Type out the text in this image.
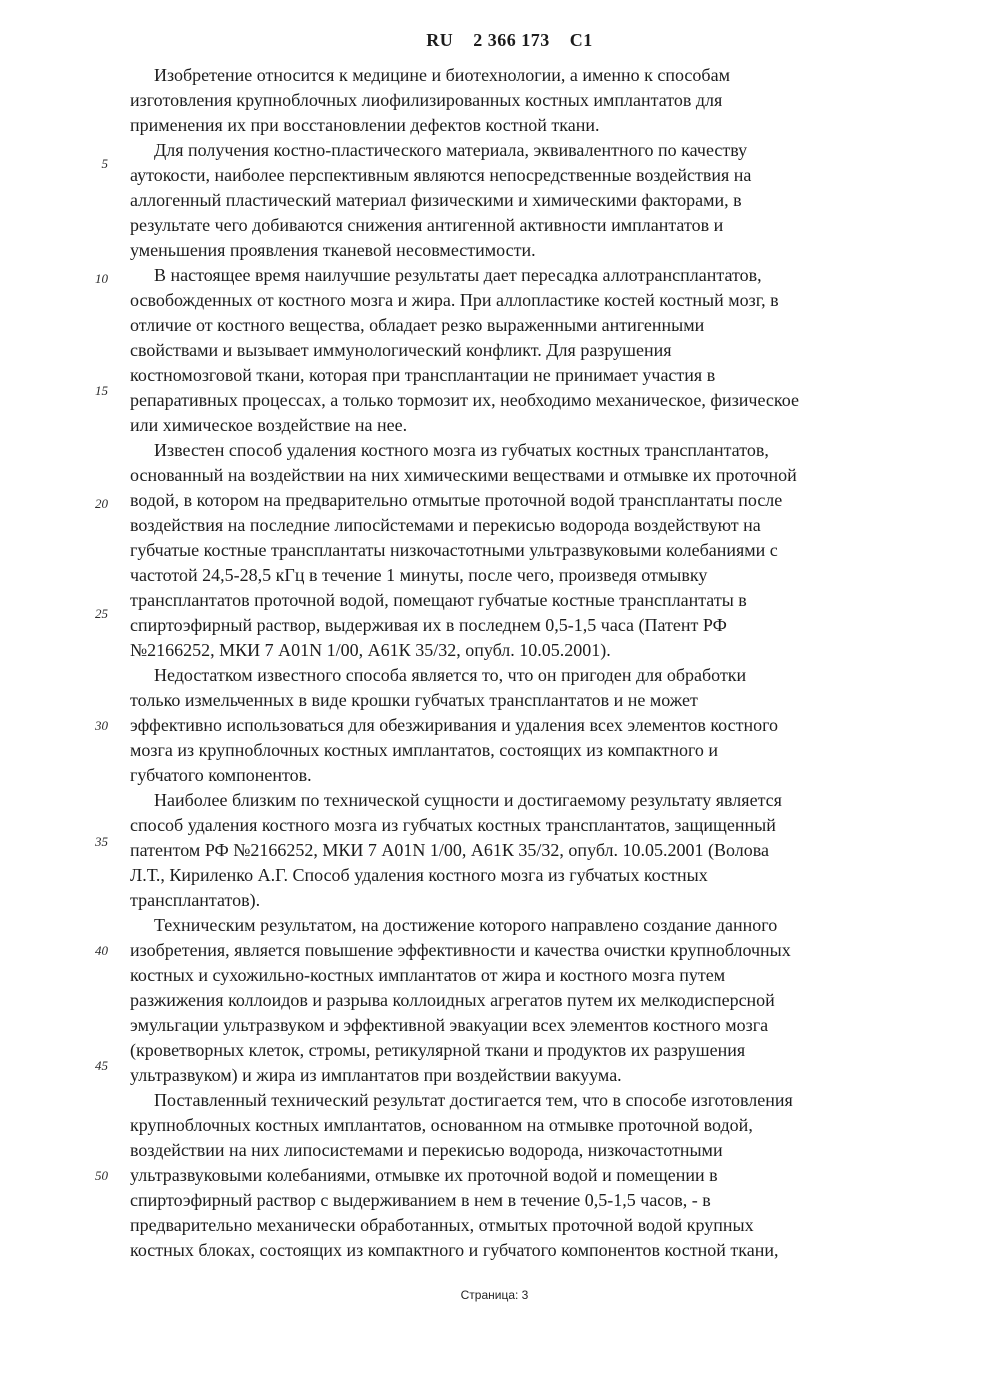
RU 2 366 173 C1
5
10
15
20
25
30
35
40
45
50
Изобретение относится к медицине и биотехнологии, а именно к способам
изготовления крупноблочных лиофилизированных костных имплантатов для
применения их при восстановлении дефектов костной ткани.
Для получения костно-пластического материала, эквивалентного по качеству
аутокости, наиболее перспективным являются непосредственные воздействия на
аллогенный пластический материал физическими и химическими факторами, в
результате чего добиваются снижения антигенной активности имплантатов и
уменьшения проявления тканевой несовместимости.
В настоящее время наилучшие результаты дает пересадка аллотрансплантатов,
освобожденных от костного мозга и жира. При аллопластике костей костный мозг, в
отличие от костного вещества, обладает резко выраженными антигенными
свойствами и вызывает иммунологический конфликт. Для разрушения
костномозговой ткани, которая при трансплантации не принимает участия в
репаративных процессах, а только тормозит их, необходимо механическое, физическое
или химическое воздействие на нее.
Известен способ удаления костного мозга из губчатых костных трансплантатов,
основанный на воздействии на них химическими веществами и отмывке их проточной
водой, в котором на предварительно отмытые проточной водой трансплантаты после
воздействия на последние липосйстемами и перекисью водорода воздействуют на
губчатые костные трансплантаты низкочастотными ультразвуковыми колебаниями с
частотой 24,5-28,5 кГц в течение 1 минуты, после чего, произведя отмывку
трансплантатов проточной водой, помещают губчатые костные трансплантаты в
спиртоэфирный раствор, выдерживая их в последнем 0,5-1,5 часа (Патент РФ
№2166252, МКИ 7 A01N 1/00, А61К 35/32, опубл. 10.05.2001).
Недостатком известного способа является то, что он пригоден для обработки
только измельченных в виде крошки губчатых трансплантатов и не может
эффективно использоваться для обезжиривания и удаления всех элементов костного
мозга из крупноблочных костных имплантатов, состоящих из компактного и
губчатого компонентов.
Наиболее близким по технической сущности и достигаемому результату является
способ удаления костного мозга из губчатых костных трансплантатов, защищенный
патентом РФ №2166252, МКИ 7 A01N 1/00, А61К 35/32, опубл. 10.05.2001 (Волова
Л.Т., Кириленко А.Г. Способ удаления костного мозга из губчатых костных
трансплантатов).
Техническим результатом, на достижение которого направлено создание данного
изобретения, является повышение эффективности и качества очистки крупноблочных
костных и сухожильно-костных имплантатов от жира и костного мозга путем
разжижения коллоидов и разрыва коллоидных агрегатов путем их мелкодисперсной
эмульгации ультразвуком и эффективной эвакуации всех элементов костного мозга
(кроветворных клеток, стромы, ретикулярной ткани и продуктов их разрушения
ультразвуком) и жира из имплантатов при воздействии вакуума.
Поставленный технический результат достигается тем, что в способе изготовления
крупноблочных костных имплантатов, основанном на отмывке проточной водой,
воздействии на них липосистемами и перекисью водорода, низкочастотными
ультразвуковыми колебаниями, отмывке их проточной водой и помещении в
спиртоэфирный раствор с выдерживанием в нем в течение 0,5-1,5 часов, - в
предварительно механически обработанных, отмытых проточной водой крупных
костных блоках, состоящих из компактного и губчатого компонентов костной ткани,
Страница: 3
